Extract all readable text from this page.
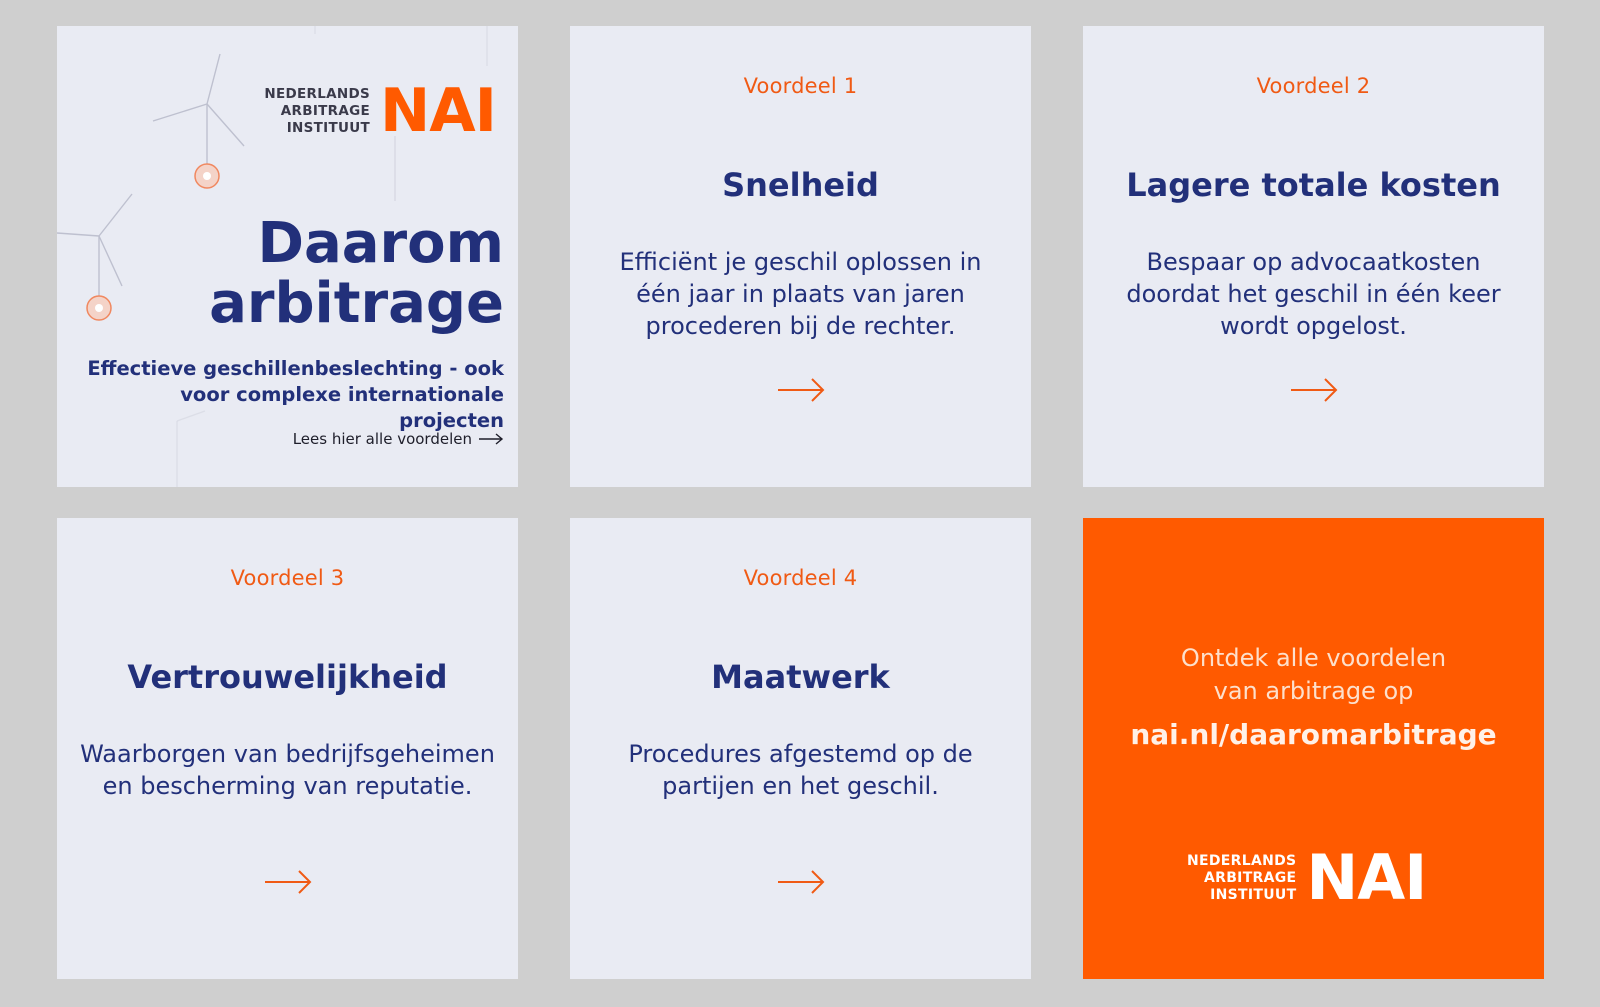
NEDERLANDS
ARBITRAGE
INSTITUUT NAI
Daarom
arbitrage
Effectieve geschillenbeslechting - ook
voor complexe internationale projecten
Lees hier alle voordelen
Voordeel 1
Snelheid
Efficiënt je geschil oplossen in
één jaar in plaats van jaren
procederen bij de rechter.
Voordeel 2
Lagere totale kosten
Bespaar op advocaatkosten
doordat het geschil in één keer
wordt opgelost.
Voordeel 3
Vertrouwelijkheid
Waarborgen van bedrijfsgeheimen
en bescherming van reputatie.
Voordeel 4
Maatwerk
Procedures afgestemd op de
partijen en het geschil.
Ontdek alle voordelen
van arbitrage op
nai.nl/daaromarbitrage
NEDERLANDS
ARBITRAGE
INSTITUUT NAI
